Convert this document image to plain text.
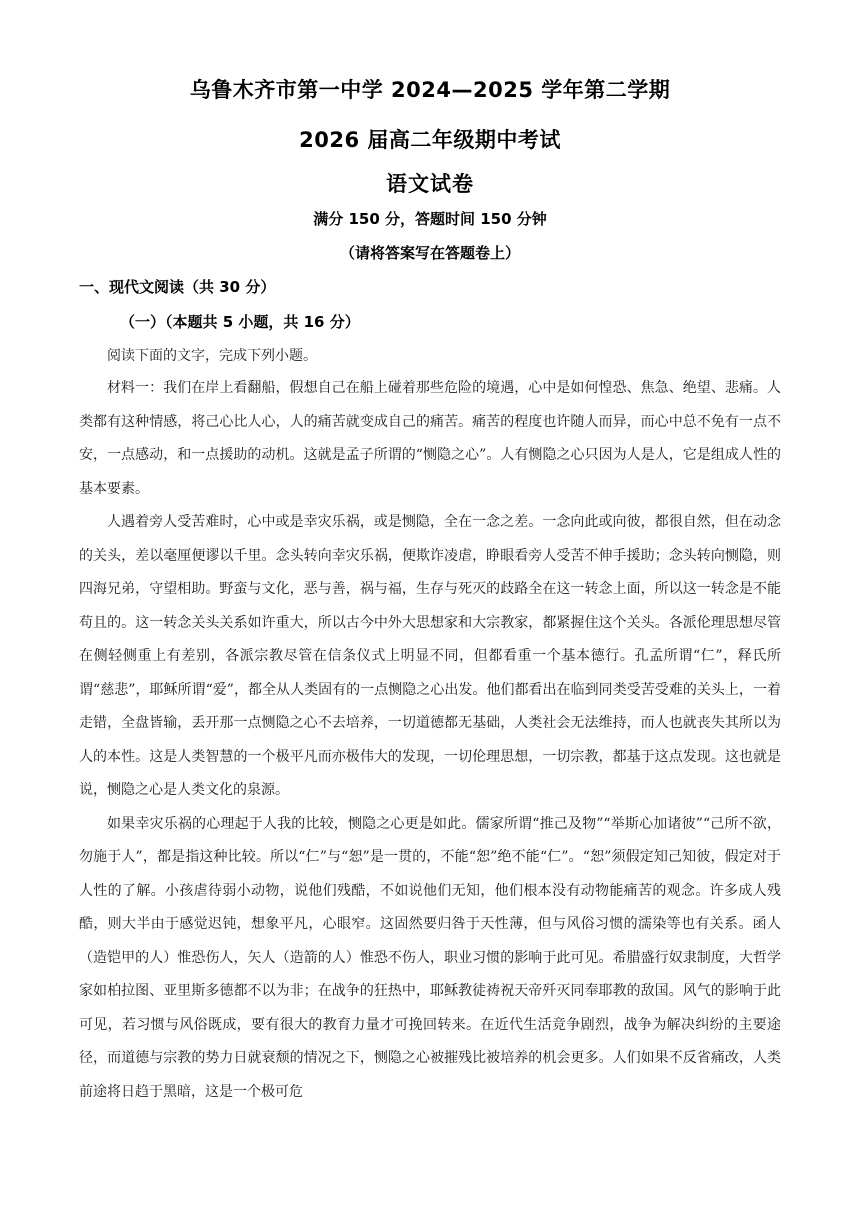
乌鲁木齐市第一中学 2024—2025 学年第二学期
2026 届高二年级期中考试
语文试卷
满分 150 分，答题时间 150 分钟
（请将答案写在答题卷上）
一、现代文阅读（共 30 分）
（一）（本题共 5 小题，共 16 分）

阅读下面的文字，完成下列小题。

材料一：我们在岸上看翻船，假想自己在船上碰着那些危险的境遇，心中是如何惶恐、焦急、绝望、悲痛。人类都有这种情感，将己心比人心，人的痛苦就变成自己的痛苦。痛苦的程度也许随人而异，而心中总不免有一点不安，一点感动，和一点援助的动机。这就是孟子所谓的“恻隐之心”。人有恻隐之心只因为人是人，它是组成人性的基本要素。

人遇着旁人受苦难时，心中或是幸灾乐祸，或是恻隐，全在一念之差。一念向此或向彼，都很自然，但在动念的关头，差以毫厘便谬以千里。念头转向幸灾乐祸，便欺诈凌虐，睁眼看旁人受苦不伸手援助；念头转向恻隐，则四海兄弟，守望相助。野蛮与文化，恶与善，祸与福，生存与死灭的歧路全在这一转念上面，所以这一转念是不能苟且的。这一转念关头关系如许重大，所以古今中外大思想家和大宗教家，都紧握住这个关头。各派伦理思想尽管在侧轻侧重上有差别，各派宗教尽管在信条仪式上明显不同，但都看重一个基本德行。孔孟所谓“仁”，释氏所谓“慈悲”，耶稣所谓“爱”，都全从人类固有的一点恻隐之心出发。他们都看出在临到同类受苦受难的关头上，一着走错，全盘皆输，丢开那一点恻隐之心不去培养，一切道德都无基础，人类社会无法维持，而人也就丧失其所以为人的本性。这是人类智慧的一个极平凡而亦极伟大的发现，一切伦理思想，一切宗教，都基于这点发现。这也就是说，恻隐之心是人类文化的泉源。

如果幸灾乐祸的心理起于人我的比较，恻隐之心更是如此。儒家所谓“推己及物”“举斯心加诸彼”“己所不欲，勿施于人”，都是指这种比较。所以“仁”与“恕”是一贯的，不能“恕”绝不能“仁”。“恕”须假定知己知彼，假定对于人性的了解。小孩虐待弱小动物，说他们残酷，不如说他们无知，他们根本没有动物能痛苦的观念。许多成人残酷，则大半由于感觉迟钝，想象平凡，心眼窄。这固然要归咎于天性薄，但与风俗习惯的濡染等也有关系。函人（造铠甲的人）惟恐伤人，矢人（造箭的人）惟恐不伤人，职业习惯的影响于此可见。希腊盛行奴隶制度，大哲学家如柏拉图、亚里斯多德都不以为非；在战争的狂热中，耶稣教徒祷祝天帝歼灭同奉耶教的敌国。风气的影响于此可见，若习惯与风俗既成，要有很大的教育力量才可挽回转来。在近代生活竞争剧烈，战争为解决纠纷的主要途径，而道德与宗教的势力日就衰颓的情况之下，恻隐之心被摧残比被培养的机会更多。人们如果不反省痛改，人类前途将日趋于黑暗，这是一个极可危
